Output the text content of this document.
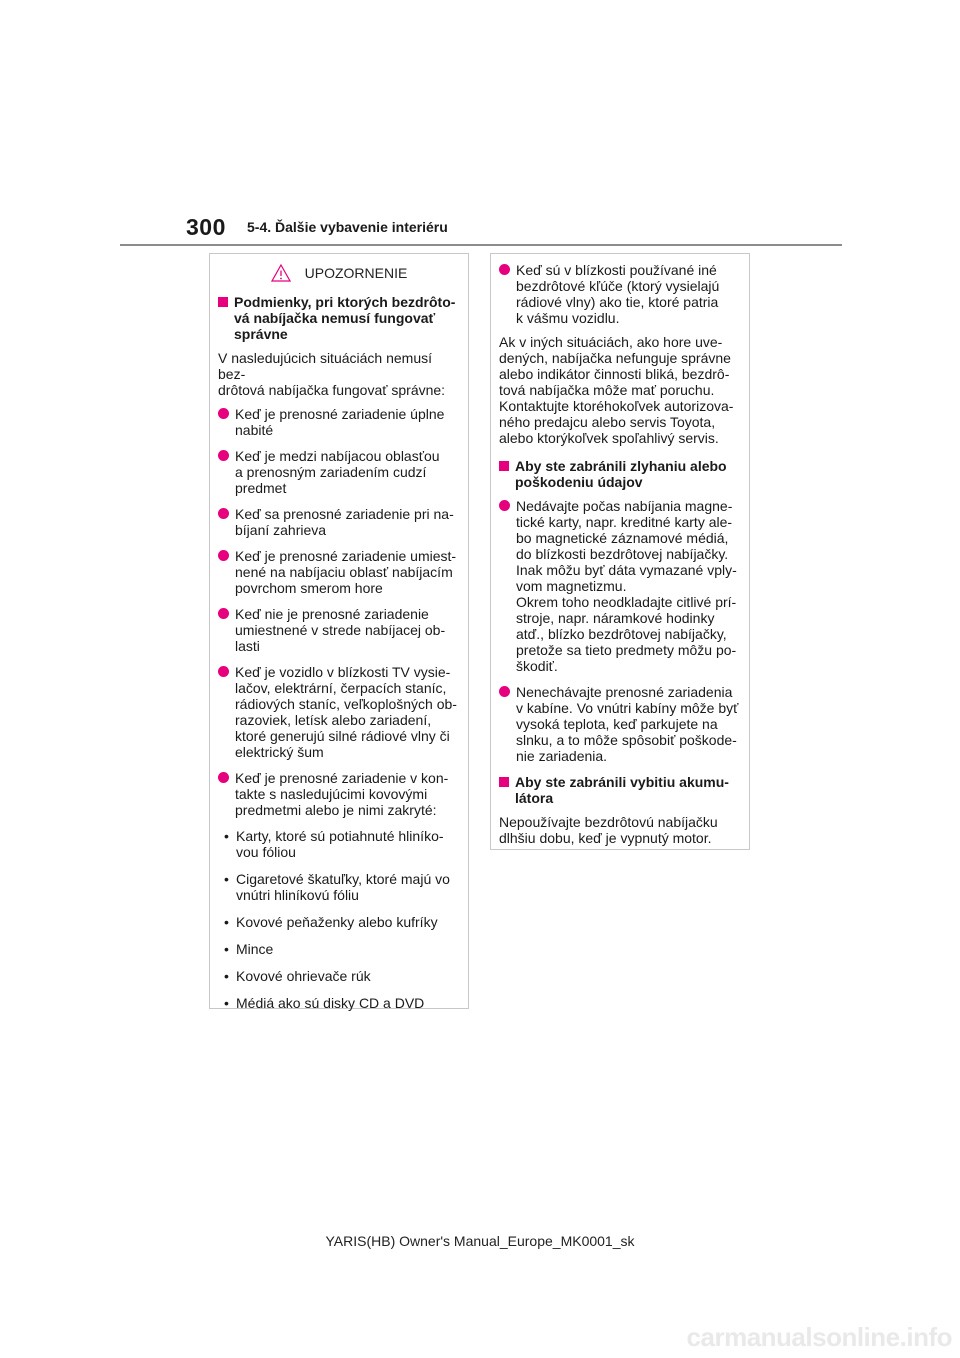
300 5-4. Ďalšie vybavenie interiéru
UPOZORNENIE
Podmienky, pri ktorých bezdrôto-
vá nabíjačka nemusí fungovať
správne
V nasledujúcich situáciách nemusí bez-
drôtová nabíjačka fungovať správne:
Keď je prenosné zariadenie úplne
nabité
Keď je medzi nabíjacou oblasťou
a prenosným zariadením cudzí
predmet
Keď sa prenosné zariadenie pri na-
bíjaní zahrieva
Keď je prenosné zariadenie umiest-
nené na nabíjaciu oblasť nabíjacím
povrchom smerom hore
Keď nie je prenosné zariadenie
umiestnené v strede nabíjacej ob-
lasti
Keď je vozidlo v blízkosti TV vysie-
lačov, elektrární, čerpacích staníc,
rádiových staníc, veľkoplošných ob-
razoviek, letísk alebo zariadení,
ktoré generujú silné rádiové vlny či
elektrický šum
Keď je prenosné zariadenie v kon-
takte s nasledujúcimi kovovými
predmetmi alebo je nimi zakryté:
• Karty, ktoré sú potiahnuté hliníko-
vou fóliou
• Cigaretové škatuľky, ktoré majú vo
vnútri hliníkovú fóliu
• Kovové peňaženky alebo kufríky
• Mince
• Kovové ohrievače rúk
• Médiá ako sú disky CD a DVD
Keď sú v blízkosti používané iné
bezdrôtové kľúče (ktorý vysielajú
rádiové vlny) ako tie, ktoré patria
k vášmu vozidlu.
Ak v iných situáciách, ako hore uve-
dených, nabíjačka nefunguje správne
alebo indikátor činnosti bliká, bezdrô-
tová nabíjačka môže mať poruchu.
Kontaktujte ktoréhokoľvek autorizova-
ného predajcu alebo servis Toyota,
alebo ktorýkoľvek spoľahlivý servis.
Aby ste zabránili zlyhaniu alebo
poškodeniu údajov
Nedávajte počas nabíjania magne-
tické karty, napr. kreditné karty ale-
bo magnetické záznamové médiá,
do blízkosti bezdrôtovej nabíjačky.
Inak môžu byť dáta vymazané vply-
vom magnetizmu.
Okrem toho neodkladajte citlivé prí-
stroje, napr. náramkové hodinky
atď., blízko bezdrôtovej nabíjačky,
pretože sa tieto predmety môžu po-
škodiť.
Nenechávajte prenosné zariadenia
v kabíne. Vo vnútri kabíny môže byť
vysoká teplota, keď parkujete na
slnku, a to môže spôsobiť poškode-
nie zariadenia.
Aby ste zabránili vybitiu akumu-
látora
Nepoužívajte bezdrôtovú nabíjačku
dlhšiu dobu, keď je vypnutý motor.
YARIS(HB) Owner's Manual_Europe_MK0001_sk
carmanualsonline.info
